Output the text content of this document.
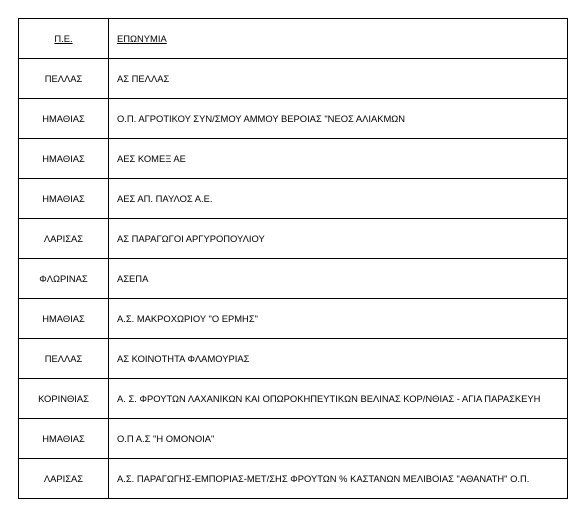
Π.Ε.	ΕΠΩΝΥΜΙΑ
ΠΕΛΛΑΣ	ΑΣ ΠΕΛΛΑΣ
ΗΜΑΘΙΑΣ	Ο.Π. ΑΓΡΟΤΙΚΟΥ ΣΥΝ/ΣΜΟΥ ΑΜΜΟΥ ΒΕΡΟΙΑΣ "ΝΕΟΣ ΑΛΙΑΚΜΩΝ
ΗΜΑΘΙΑΣ	ΑΕΣ ΚΟΜΕΞ ΑΕ
ΗΜΑΘΙΑΣ	ΑΕΣ ΑΠ. ΠΑΥΛΟΣ Α.Ε.
ΛΑΡΙΣΑΣ	ΑΣ ΠΑΡΑΓΩΓΟΙ ΑΡΓΥΡΟΠΟΥΛΙΟΥ
ΦΛΩΡΙΝΑΣ	ΑΣΕΠΑ
ΗΜΑΘΙΑΣ	Α.Σ. ΜΑΚΡΟΧΩΡΙΟΥ "Ο ΕΡΜΗΣ"
ΠΕΛΛΑΣ	ΑΣ ΚΟΙΝΟΤΗΤΑ ΦΛΑΜΟΥΡΙΑΣ
ΚΟΡΙΝΘΙΑΣ	Α. Σ. ΦΡΟΥΤΩΝ ΛΑΧΑΝΙΚΩΝ ΚΑΙ ΟΠΩΡΟΚΗΠΕΥΤΙΚΩΝ ΒΕΛΙΝΑΣ ΚΟΡ/ΝΘΙΑΣ - ΑΓΙΑ ΠΑΡΑΣΚΕΥΗ
ΗΜΑΘΙΑΣ	Ο.Π Α.Σ "Η ΟΜΟΝΟΙΑ"
ΛΑΡΙΣΑΣ	Α.Σ. ΠΑΡΑΓΩΓΗΣ-ΕΜΠΟΡΙΑΣ-ΜΕΤ/ΣΗΣ ΦΡΟΥΤΩΝ % ΚΑΣΤΑΝΩΝ ΜΕΛΙΒΟΙΑΣ "ΑΘΑΝΑΤΗ" Ο.Π.
